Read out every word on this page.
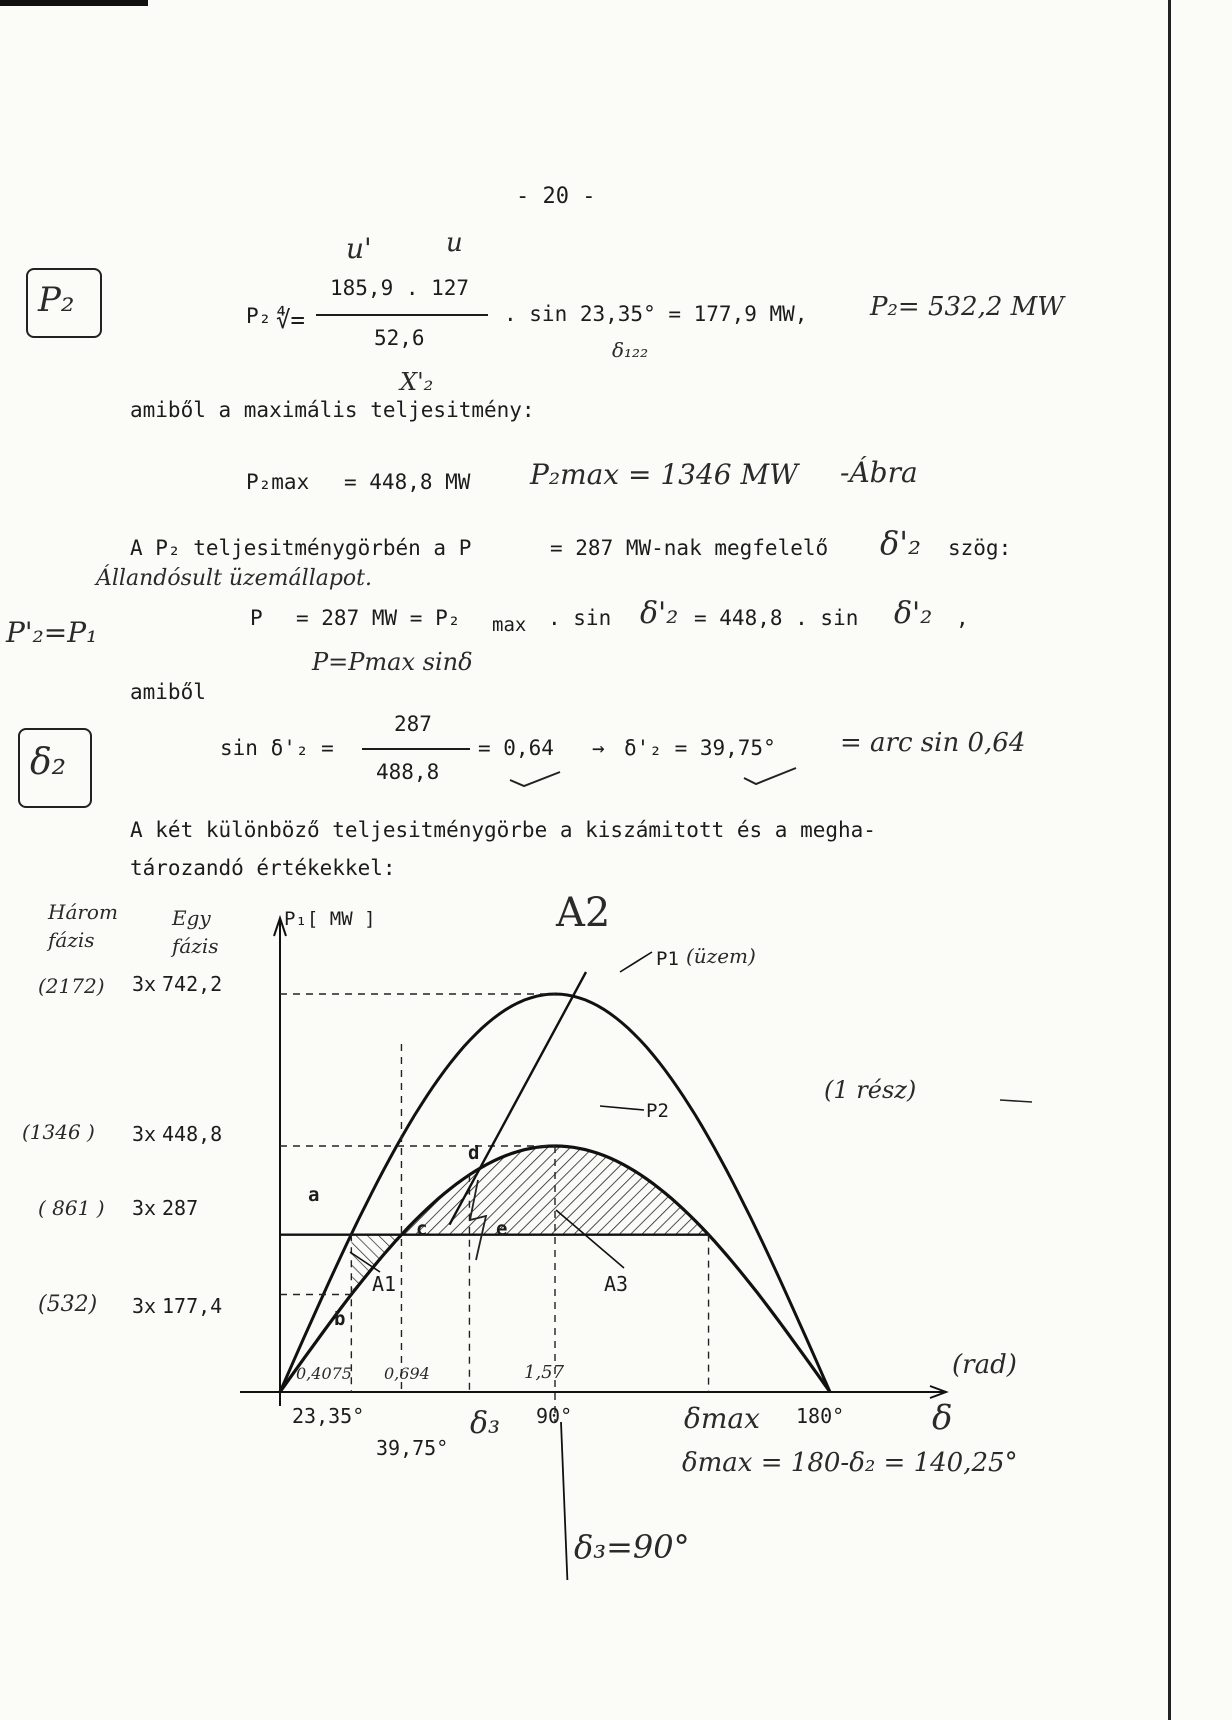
- 20 -
u'	u
P₂	P₂ ∜=
185,9 . 127
52,6
. sin 23,35° = 177,9 MW, P₂= 532,2 MW
δ₁₂₂
X'₂
amiből a maximális teljesitmény:
P₂max = 448,8 MW P₂max = 1346 MW -Ábra
A P₂ teljesitménygörbén a P	= 287 MW-nak megfelelő δ'₂ szög:
Állandósult üzemállapot.
P'₂=P₁	P = 287 MW = P₂ max . sin δ'₂ = 448,8 . sin δ'₂ ,
P=Pmax sinδ
amiből
δ₂	sin δ'₂ =
287
488,8
= 0,64 → δ'₂ = 39,75° = arc sin 0,64
A két különböző teljesitménygörbe a kiszámitott és a megha-
tározandó értékekkel:
Három fázis
Egy fázis
P₁[ MW ]
P1 (üzem)
P2
(2172) 3x 742,2
(1346 ) 3x 448,8
( 861 ) 3x 287
(532) 3x 177,4
23,35°
39,75°
90°	180°
0,4075 0,694	1,57
δ₃	δmax	δ
(rad)
a
b
c
d
e
A1
A2
A3
(1 rész)
δmax = 180-δ₂ = 140,25°
δ₃=90°
